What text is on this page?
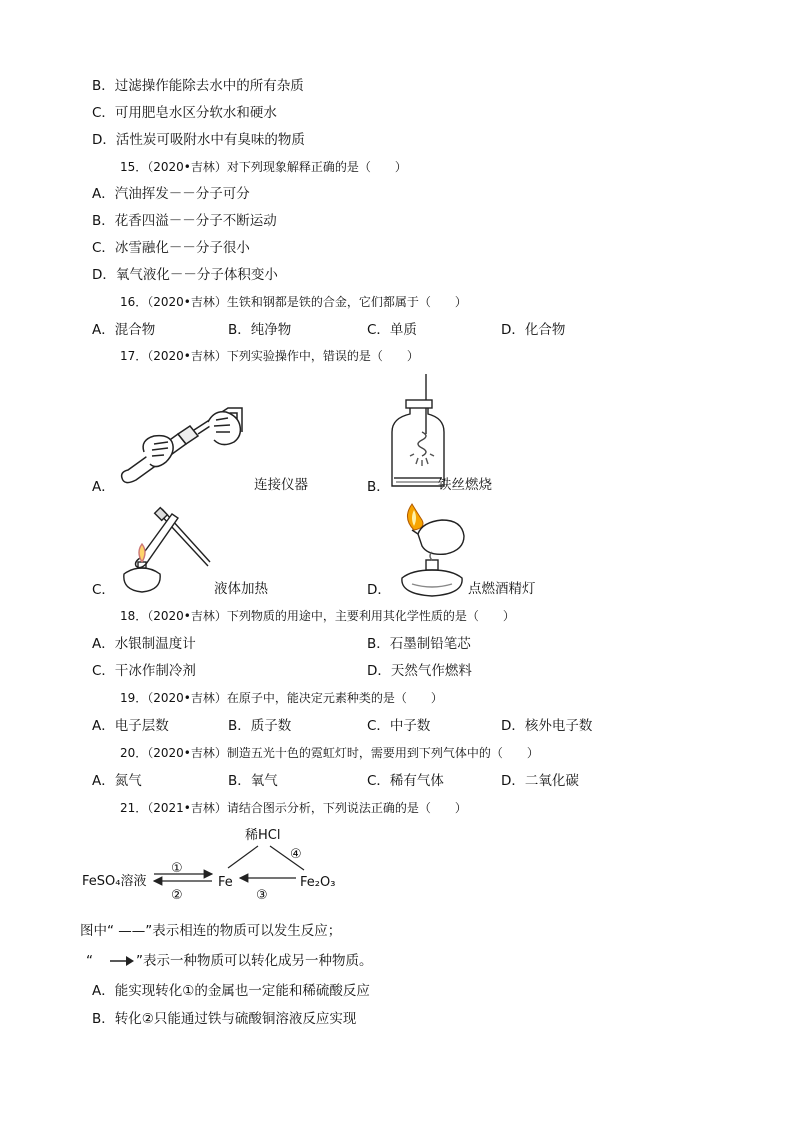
B．过滤操作能除去水中的所有杂质
C．可用肥皂水区分软水和硬水
D．活性炭可吸附水中有臭味的物质
15．（2020•吉林）对下列现象解释正确的是（　　）
A．汽油挥发－－分子可分
B．花香四溢－－分子不断运动
C．冰雪融化－－分子很小
D．氧气液化－－分子体积变小
16．（2020•吉林）生铁和钢都是铁的合金，它们都属于（　　）
A．混合物	B．纯净物	C．单质	D．化合物
17．（2020•吉林）下列实验操作中，错误的是（　　）
A．	连接仪器	B．	铁丝燃烧
C．	液体加热	D．	点燃酒精灯
18．（2020•吉林）下列物质的用途中，主要利用其化学性质的是（　　）
A．水银制温度计	B．石墨制铅笔芯
C．干冰作制冷剂	D．天然气作燃料
19．（2020•吉林）在原子中，能决定元素种类的是（　　）
A．电子层数	B．质子数	C．中子数	D．核外电子数
20．（2020•吉林）制造五光十色的霓虹灯时，需要用到下列气体中的（　　）
A．氮气	B．氧气	C．稀有气体	D．二氧化碳
21．（2021•吉林）请结合图示分析，下列说法正确的是（　　）
稀HCl
FeSO₄溶液	Fe	Fe₂O₃
①
②	③
④
图中“ ——”表示相连的物质可以发生反应；
“	”表示一种物质可以转化成另一种物质。
A．能实现转化①的金属也一定能和稀硫酸反应
B．转化②只能通过铁与硫酸铜溶液反应实现
